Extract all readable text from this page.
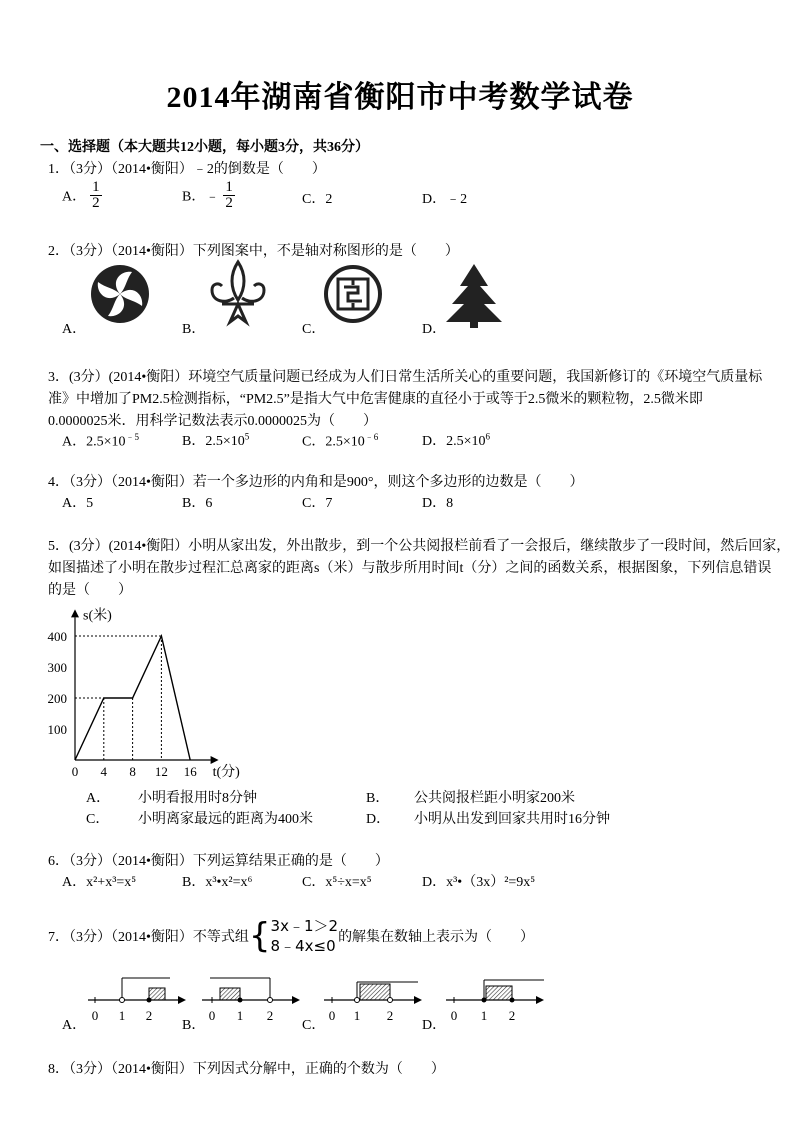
2014年湖南省衡阳市中考数学试卷
一、选择题（本大题共12小题，每小题3分，共36分）
1．（3分）（2014•衡阳）﹣2的倒数是（　　）
A． $\frac{1}{2}$	B．﹣ $\frac{1}{2}$	C．2	D．﹣2
2．（3分）（2014•衡阳）下列图案中，不是轴对称图形的是（　　）
A．	B．	C．	D．
3．(3分）(2014•衡阳）环境空气质量问题已经成为人们日常生活所关心的重要问题，我国新修订的《环境空气质量标
准》中增加了PM2.5检测指标，“PM2.5”是指大气中危害健康的直径小于或等于2.5微米的颗粒物，2.5微米即
0.0000025米．用科学记数法表示0.0000025为（　　）
A．$2.5\times 10^{﹣5}$	B．$2.5\times 10^5$	C．$2.5\times 10^{﹣6}$	D．$2.5\times 10^6$
4．（3分）（2014•衡阳）若一个多边形的内角和是900°，则这个多边形的边数是（　　）
A．5	B．6	C．7	D．8
5．(3分）(2014•衡阳）小明从家出发，外出散步，到一个公共阅报栏前看了一会报后，继续散步了一段时间，然后回家，
如图描述了小明在散步过程汇总离家的距离s（米）与散步所用时间t（分）之间的函数关系，根据图象，下列信息错误
的是（　　）
s(米)
t(分)
100
200
300
400
0 4 8 12 16
A． 小明看报用时8分钟	B． 公共阅报栏距小明家200米
C． 小明离家最远的距离为400米	D． 小明从出发到回家共用时16分钟
6．（3分）（2014•衡阳）下列运算结果正确的是（　　）
A．x²+x³=x⁵	B．x³•x²=x⁶	C．x⁵÷x=x⁵	D．x³•（3x）²=9x⁵
7．（3分）（2014•衡阳）不等式组{ 3x﹣1＞2
8﹣4x≤0 的解集在数轴上表示为（　　）
0 1 2	0 1 2	0 1 2	0 1 2
A．	B．	C．	D．
8．（3分）（2014•衡阳）下列因式分解中，正确的个数为（　　）
